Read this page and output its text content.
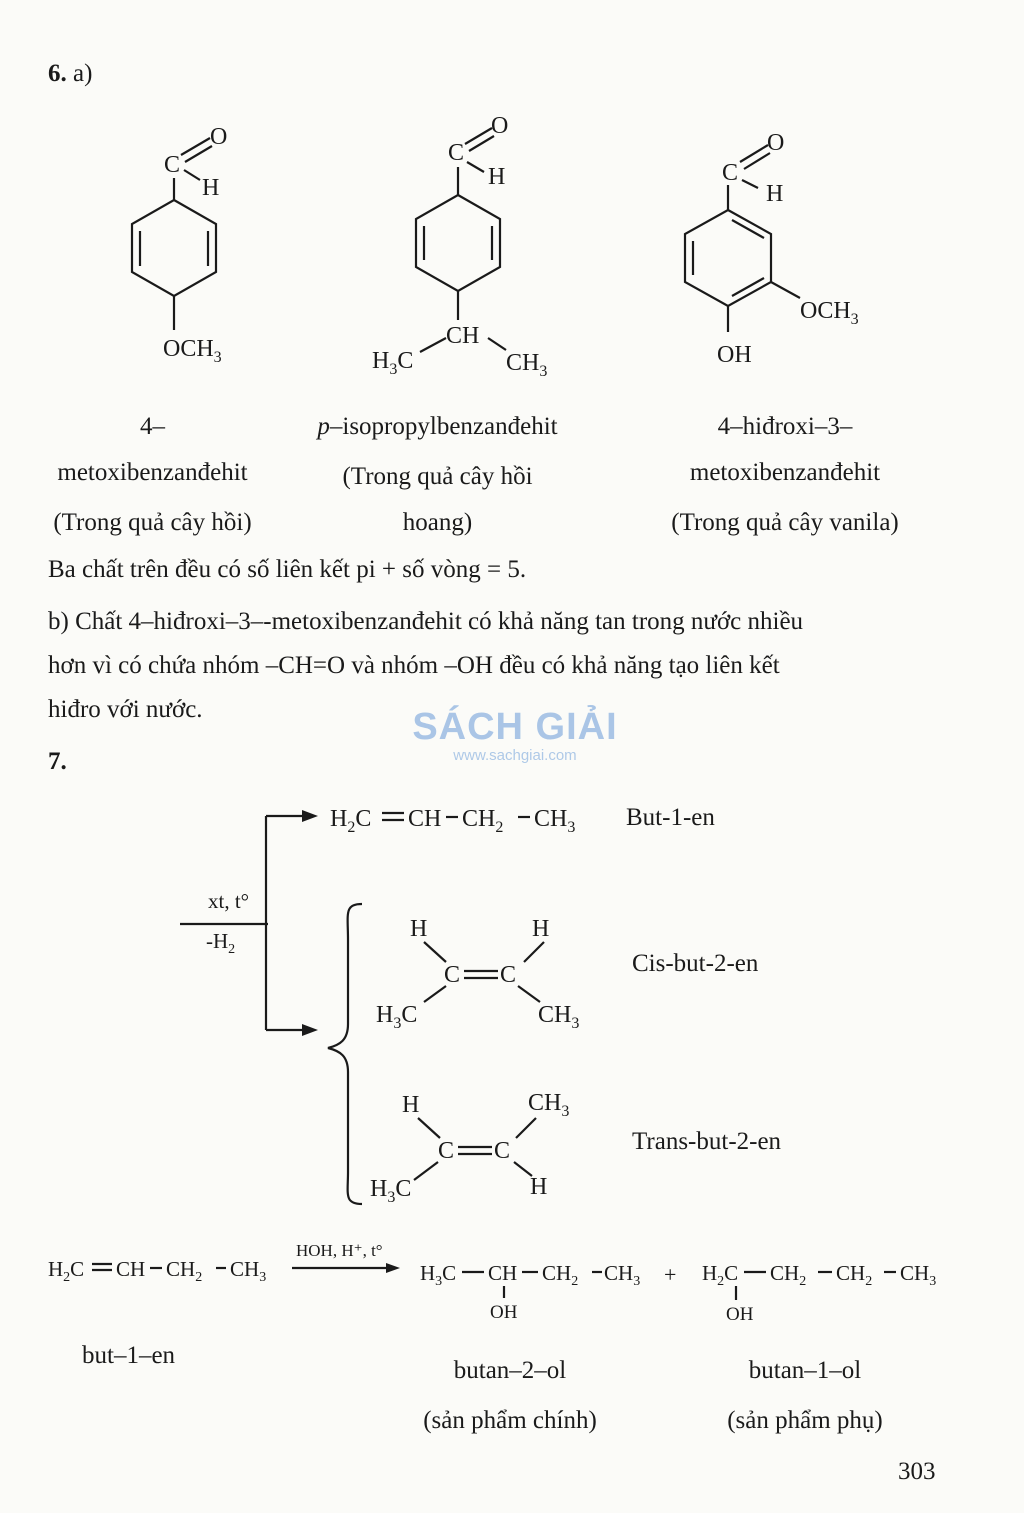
6. a)
C
O
H
$OCH_3$
C
O
H
CH
$H_3C$	$CH_3$
C
O
H
$OCH_3$
OH
4–
metoxibenzanđehit
(Trong quả cây hồi)
p–isopropylbenzanđehit
(Trong quả cây hồi
hoang)
4–hiđroxi–3–
metoxibenzanđehit
(Trong quả cây vanila)
Ba chất trên đều có số liên kết pi + số vòng = 5.
b) Chất 4–hiđroxi–3–-metoxibenzanđehit có khả năng tan trong nước nhiều
hơn vì có chứa nhóm –CH=O và nhóm –OH đều có khả năng tạo liên kết
hiđro với nước.	SÁCH GIẢI
www.sachgiai.com
7.
xt, t°
$-H_2$
$H_2C$ CH $CH_2$ $CH_3$
H	H
C C
$H_3C$	$CH_3$
H	$CH_3$
C C
$H_3C$	H
But-1-en
Cis-but-2-en
Trans-but-2-en
$H_2C$ CH $CH_2$ $CH_3$
HOH, H⁺, t°
$H_3C$ CH
OH
$CH_2$ $CH_3 + H_2C$
OH
$CH_2$ $CH_2$ $CH_3$
but–1–en
butan–2–ol
(sản phẩm chính)
butan–1–ol
(sản phẩm phụ)
303
